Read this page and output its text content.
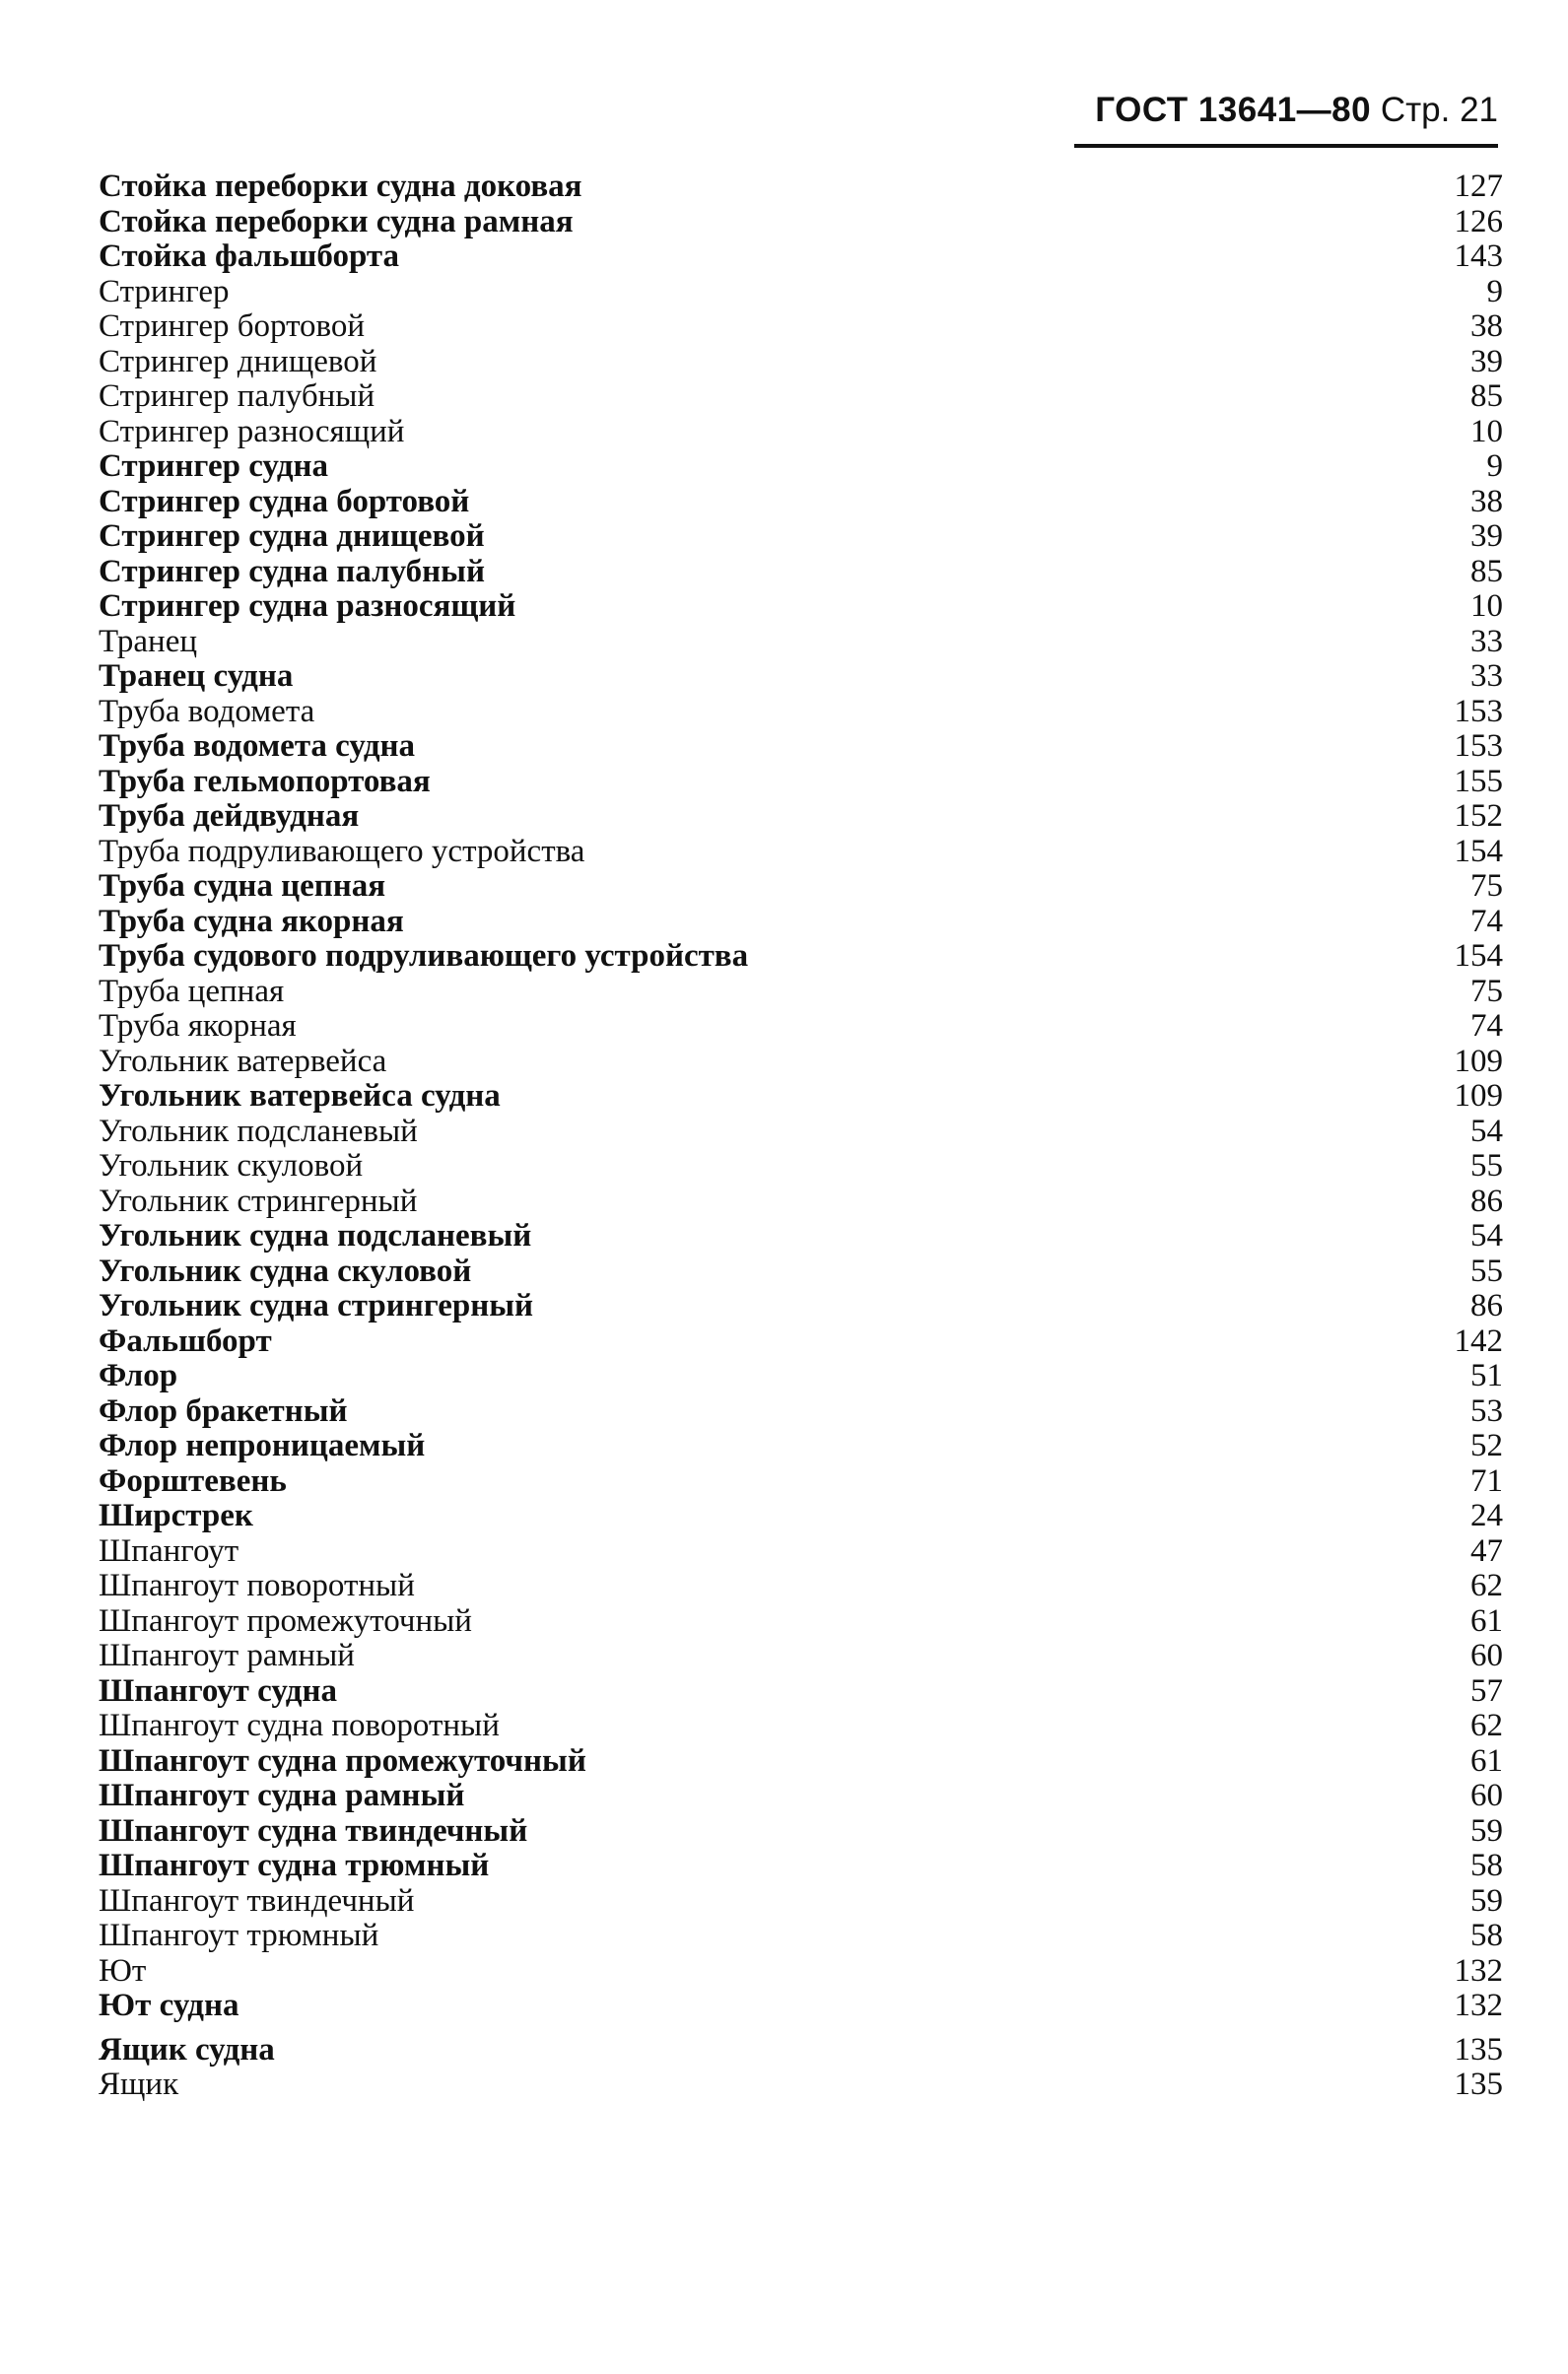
ГОСТ 13641—80 Стр. 21
Стойка переборки судна доковая	127
Стойка переборки судна рамная	126
Стойка фальшборта	143
Стрингер	9
Стрингер бортовой	38
Стрингер днищевой	39
Стрингер палубный	85
Стрингер разносящий	10
Стрингер судна	9
Стрингер судна бортовой	38
Стрингер судна днищевой	39
Стрингер судна палубный	85
Стрингер судна разносящий	10
Транец	33
Транец судна	33
Труба водомета	153
Труба водомета судна	153
Труба гельмопортовая	155
Труба дейдвудная	152
Труба подруливающего устройства	154
Труба судна цепная	75
Труба судна якорная	74
Труба судового подруливающего устройства	154
Труба цепная	75
Труба якорная	74
Угольник ватервейса	109
Угольник ватервейса судна	109
Угольник подсланевый	54
Угольник скуловой	55
Угольник стрингерный	86
Угольник судна подсланевый	54
Угольник судна скуловой	55
Угольник судна стрингерный	86
Фальшборт	142
Флор	51
Флор бракетный	53
Флор непроницаемый	52
Форштевень	71
Ширстрек	24
Шпангоут	47
Шпангоут поворотный	62
Шпангоут промежуточный	61
Шпангоут рамный	60
Шпангоут судна	57
Шпангоут судна поворотный	62
Шпангоут судна промежуточный	61
Шпангоут судна рамный	60
Шпангоут судна твиндечный	59
Шпангоут судна трюмный	58
Шпангоут твиндечный	59
Шпангоут трюмный	58
Ют	132
Ют судна	132
Ящик судна	135
Ящик	135
